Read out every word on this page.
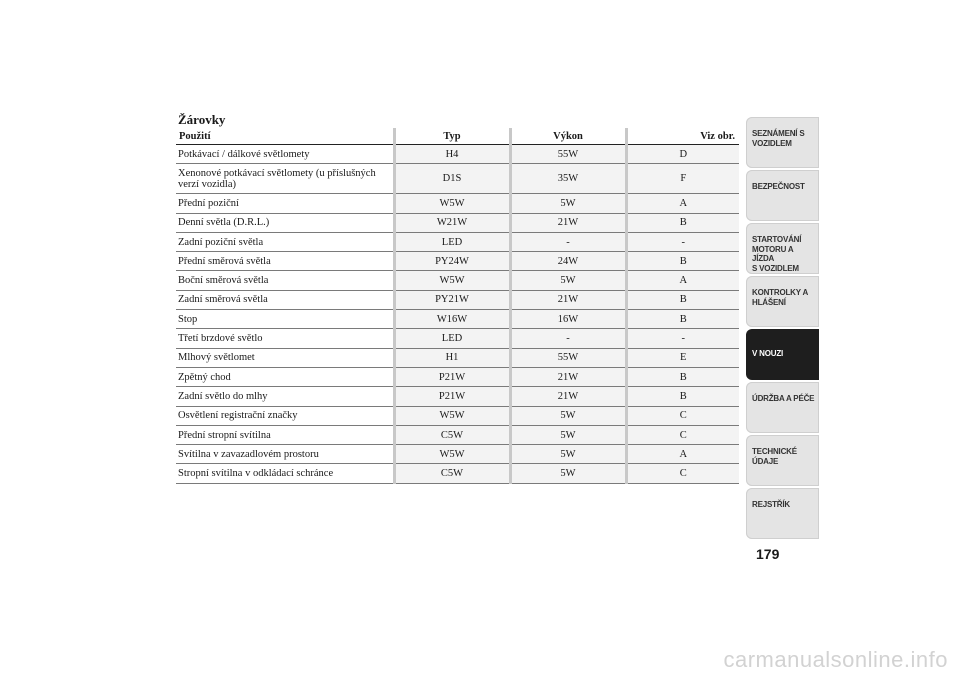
Žárovky
Použití	Typ	Výkon	Viz obr.
Potkávací / dálkové světlomety	H4	55W	D
Xenonové potkávací světlomety (u příslušných verzí vozidla)	D1S	35W	F
Přední poziční	W5W	5W	A
Denní světla (D.R.L.)	W21W	21W	B
Zadní poziční světla	LED	-	-
Přední směrová světla	PY24W	24W	B
Boční směrová světla	W5W	5W	A
Zadní směrová světla	PY21W	21W	B
Stop	W16W	16W	B
Třetí brzdové světlo	LED	-	-
Mlhový světlomet	H1	55W	E
Zpětný chod	P21W	21W	B
Zadní světlo do mlhy	P21W	21W	B
Osvětlení registrační značky	W5W	5W	C
Přední stropní svítilna	C5W	5W	C
Svítilna v zavazadlovém prostoru	W5W	5W	A
Stropní svítilna v odkládací schránce	C5W	5W	C
SEZNÁMENÍ S
VOZIDLEM
BEZPEČNOST
STARTOVÁNÍ
MOTORU A JÍZDA
S VOZIDLEM
KONTROLKY A
HLÁŠENÍ
V NOUZI
ÚDRŽBA A PÉČE
TECHNICKÉ
ÚDAJE
REJSTŘÍK

179

carmanualsonline.info
